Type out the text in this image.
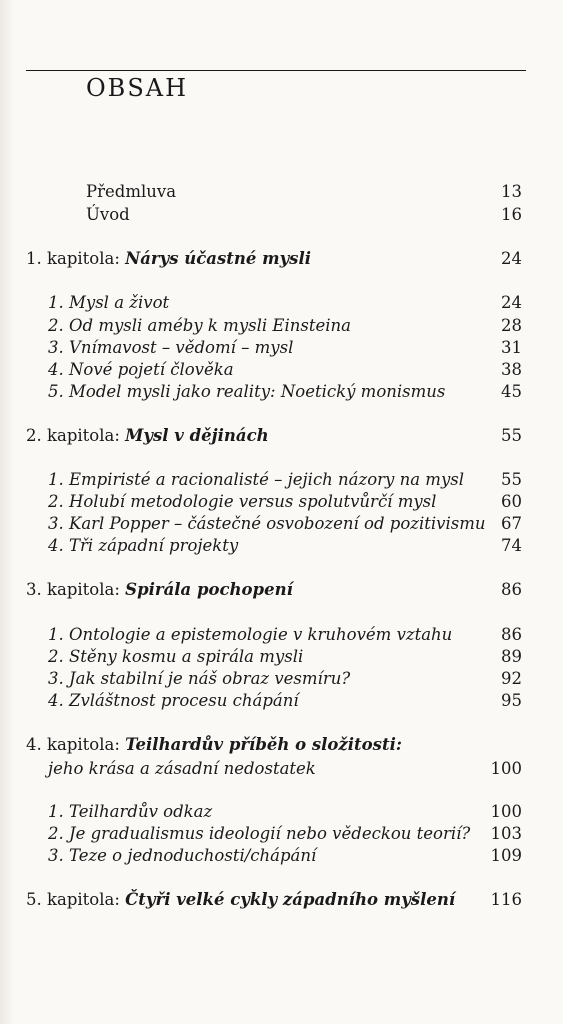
OBSAH
Předmluva	13
Úvod	16
1. kapitola: Nárys účastné mysli	24
1. Mysl a život	24
2. Od mysli améby k mysli Einsteina	28
3. Vnímavost – vědomí – mysl	31
4. Nové pojetí člověka	38
5. Model mysli jako reality: Noetický monismus	45
2. kapitola: Mysl v dějinách	55
1. Empiristé a racionalisté – jejich názory na mysl 55
2. Holubí metodologie versus spolutvůrčí mysl	60
3. Karl Popper – částečné osvobození od pozitivismu 67
4. Tři západní projekty	74
3. kapitola: Spirála pochopení	86
1. Ontologie a epistemologie v kruhovém vztahu	86
2. Stěny kosmu a spirála mysli	89
3. Jak stabilní je náš obraz vesmíru?	92
4. Zvláštnost procesu chápání	95
4. kapitola: Teilhardův příběh o složitosti:
jeho krása a zásadní nedostatek	100
1. Teilhardův odkaz	100
2. Je gradualismus ideologií nebo vědeckou teorií? 103
3. Teze o jednoduchosti/chápání	109
5. kapitola: Čtyři velké cykly západního myšlení 116
